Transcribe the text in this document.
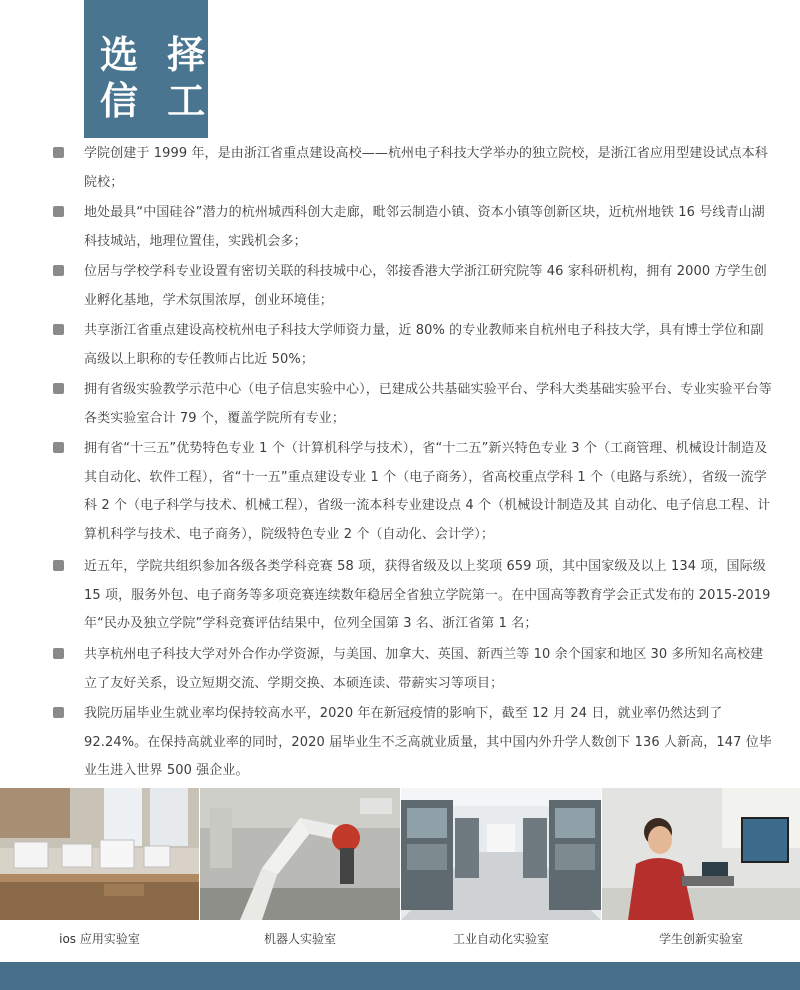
选 择
信 工
学院创建于 1999 年，是由浙江省重点建设高校——杭州电子科技大学举办的独立院校，是浙江省应用型建设试点本科院校；
地处最具“中国硅谷”潜力的杭州城西科创大走廊，毗邻云制造小镇、资本小镇等创新区块，近杭州地铁 16 号线青山湖科技城站，地理位置佳，实践机会多；
位居与学校学科专业设置有密切关联的科技城中心，邻接香港大学浙江研究院等 46 家科研机构，拥有 2000 方学生创业孵化基地，学术氛围浓厚，创业环境佳；
共享浙江省重点建设高校杭州电子科技大学师资力量，近 80% 的专业教师来自杭州电子科技大学，具有博士学位和副高级以上职称的专任教师占比近 50%；
拥有省级实验教学示范中心（电子信息实验中心），已建成公共基础实验平台、学科大类基础实验平台、专业实验平台等各类实验室合计 79 个，覆盖学院所有专业；
拥有省“十三五”优势特色专业 1 个（计算机科学与技术），省“十二五”新兴特色专业 3 个（工商管理、机械设计制造及其自动化、软件工程），省“十一五”重点建设专业 1 个（电子商务），省高校重点学科 1 个（电路与系统），省级一流学科 2 个（电子科学与技术、机械工程），省级一流本科专业建设点 4 个（机械设计制造及其 自动化、电子信息工程、计算机科学与技术、电子商务），院级特色专业 2 个（自动化、会计学）；
近五年，学院共组织参加各级各类学科竞赛 58 项，获得省级及以上奖项 659 项，其中国家级及以上 134 项，国际级 15 项，服务外包、电子商务等多项竞赛连续数年稳居全省独立学院第一。在中国高等教育学会正式发布的 2015-2019 年“民办及独立学院”学科竞赛评估结果中，位列全国第 3 名、浙江省第 1 名；
共享杭州电子科技大学对外合作办学资源，与美国、加拿大、英国、新西兰等 10 余个国家和地区 30 多所知名高校建立了友好关系，设立短期交流、学期交换、本硕连读、带薪实习等项目；
我院历届毕业生就业率均保持较高水平，2020 年在新冠疫情的影响下，截至 12 月 24 日，就业率仍然达到了 92.24%。在保持高就业率的同时，2020 届毕业生不乏高就业质量，其中国内外升学人数创下 136 人新高，147 位毕业生进入世界 500 强企业。
ios 应用实验室	机器人实验室	工业自动化实验室	学生创新实验室
